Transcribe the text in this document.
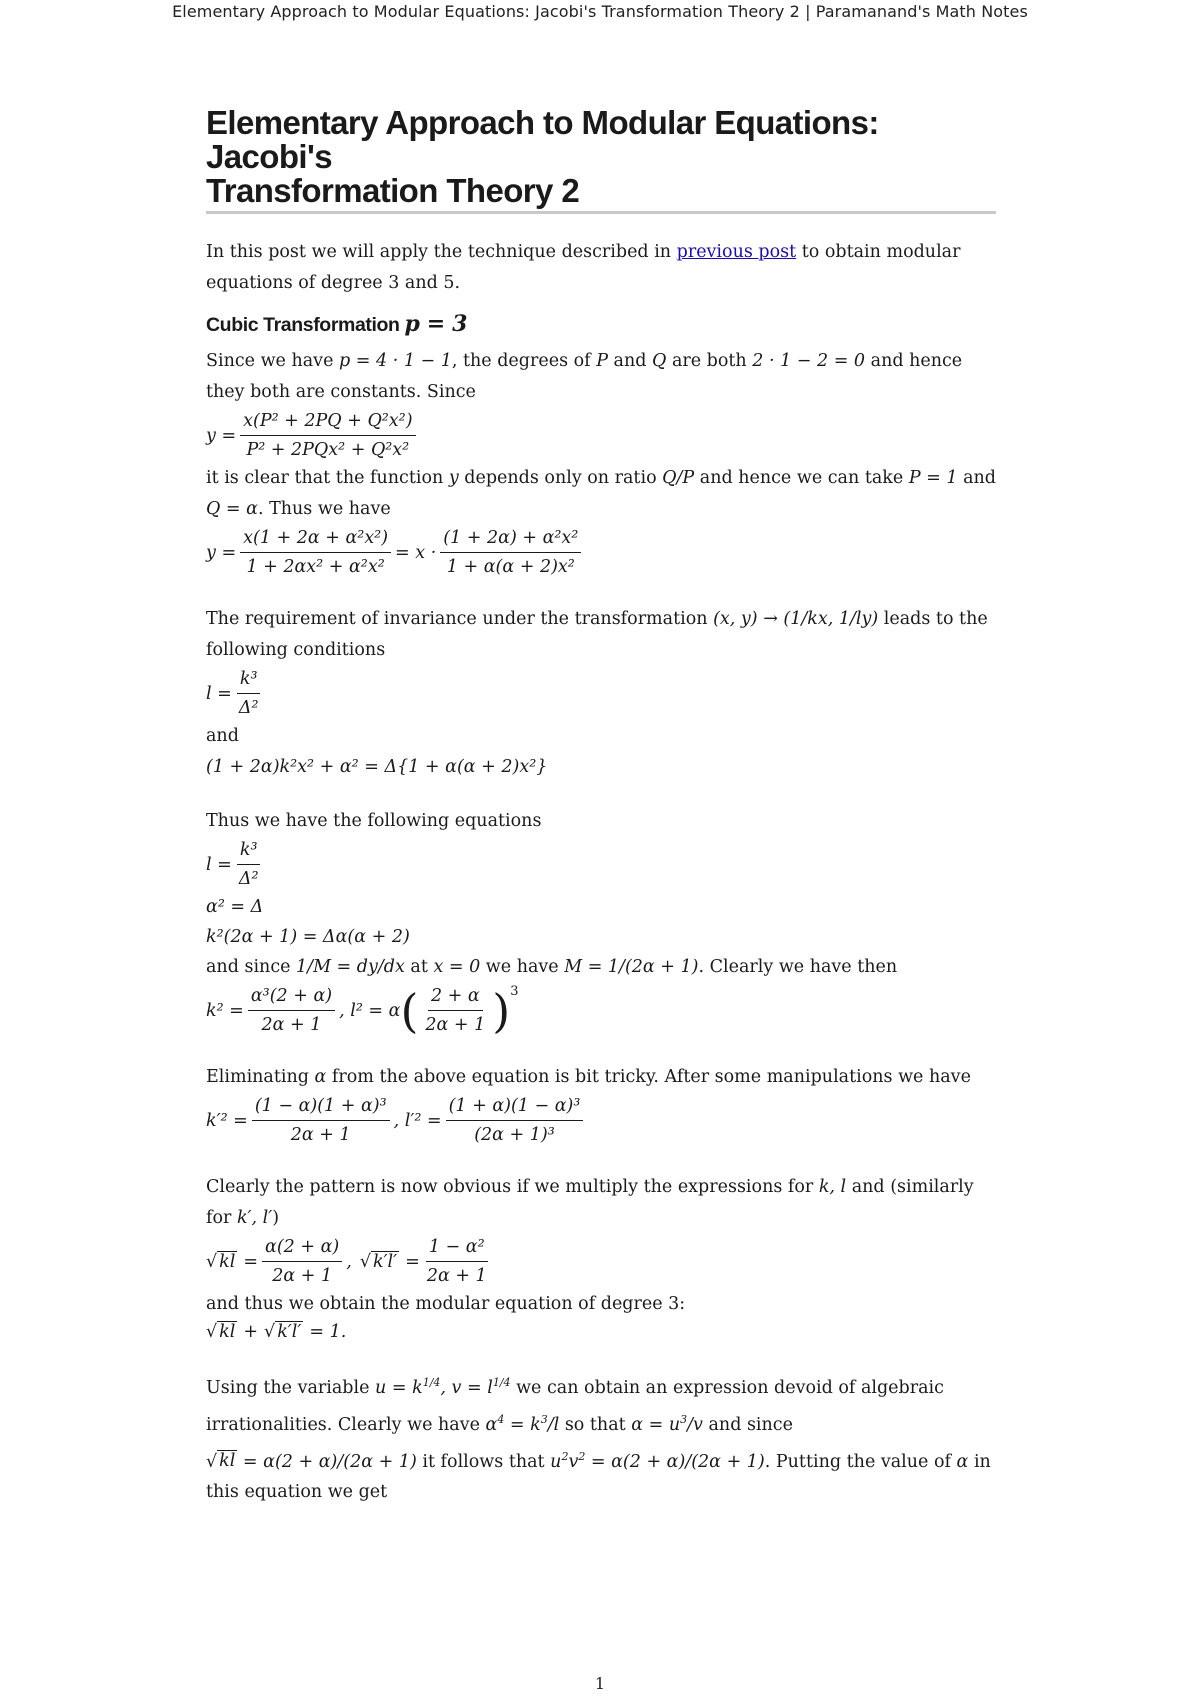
Elementary Approach to Modular Equations: Jacobi's Transformation Theory 2 | Paramanand's Math Notes
Elementary Approach to Modular Equations: Jacobi's
Transformation Theory 2

In this post we will apply the technique described in previous post to obtain modular equations of degree 3 and 5.

Cubic Transformation p = 3

Since we have p = 4 · 1 − 1, the degrees of P and Q are both 2 · 1 − 2 = 0 and hence they both are constants. Since

$y = \frac{\text{x(P² + 2PQ + Q²x²)}}{\text{P² + 2PQx² + Q²x²}}$

it is clear that the function y depends only on ratio Q/P and hence we can take P = 1 and Q = α. Thus we have

$y = \frac{\text{x(1 + 2α + α²x²)}}{\text{1 + 2αx² + α²x²}} = x \cdot \frac{\text{(1 + 2α) + α²x²}}{\text{1 + α(α + 2)x²}}$

The requirement of invariance under the transformation (x, y) → (1/kx, 1/ly) leads to the following conditions

$l = \frac{\text{k³}}{\text{Δ²}}$

and

(1 + 2α)k²x² + α² = Δ{1 + α(α + 2)x²}

Thus we have the following equations

$l = \frac{\text{k³}}{\text{Δ²}}$
α² = Δ
k²(2α + 1) = Δα(α + 2)

and since 1/M = dy/dx at x = 0 we have M = 1/(2α + 1). Clearly we have then

$k^2 = \frac{\text{α³(2 + α)}}{2\alpha + 1}$ , l² = α ( $\frac{2 + \alpha}{2\alpha + 1}$ ) 3

Eliminating α from the above equation is bit tricky. After some manipulations we have

$k'^2 = \frac{\text{(1 − α)(1 + α)³}}{2\alpha + 1}$ , $l'^2 = \frac{\text{(1 + α)(1 − α)³}}{\text{(2α + 1)³}}$

Clearly the pattern is now obvious if we multiply the expressions for k, l and (similarly for k′, l′)

√ kl = $\frac{\alpha(2 + \alpha)}{2\alpha + 1}$ , √ $k'l' = \frac{\text{1 − α²}}{2\alpha + 1}$

and thus we obtain the modular equation of degree 3:

√ kl + √ k′l′ = 1.

Using the variable $u = k^{1/4}$, $v = l^{1/4}$ we can obtain an expression devoid of algebraic irrationalities. Clearly we have $\alpha^4 = k^3/l$ so that $\alpha = u^3/v$ and since

√ kl = α(2 + α)/(2α + 1) it follows that $u^2v^2 = \alpha(2 + \alpha)/(2\alpha + 1)$. Putting the value of α in this equation we get

1
